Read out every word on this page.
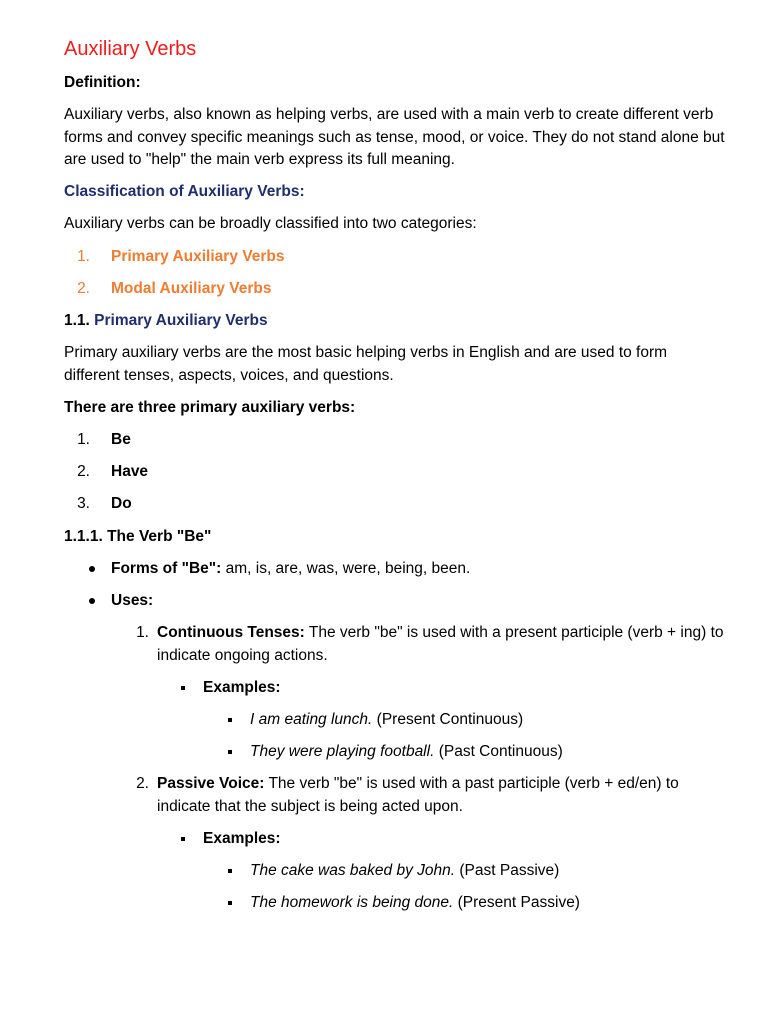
Auxiliary Verbs
Definition:
Auxiliary verbs, also known as helping verbs, are used with a main verb to create different verb forms and convey specific meanings such as tense, mood, or voice. They do not stand alone but are used to "help" the main verb express its full meaning.
Classification of Auxiliary Verbs:
Auxiliary verbs can be broadly classified into two categories:
1. Primary Auxiliary Verbs
2. Modal Auxiliary Verbs
1.1. Primary Auxiliary Verbs
Primary auxiliary verbs are the most basic helping verbs in English and are used to form different tenses, aspects, voices, and questions.
There are three primary auxiliary verbs:
1. Be
2. Have
3. Do
1.1.1. The Verb "Be"
Forms of "Be": am, is, are, was, were, being, been.
Uses:
1. Continuous Tenses: The verb "be" is used with a present participle (verb + ing) to indicate ongoing actions.
Examples:
I am eating lunch. (Present Continuous)
They were playing football. (Past Continuous)
2. Passive Voice: The verb "be" is used with a past participle (verb + ed/en) to indicate that the subject is being acted upon.
Examples:
The cake was baked by John. (Past Passive)
The homework is being done. (Present Passive)
